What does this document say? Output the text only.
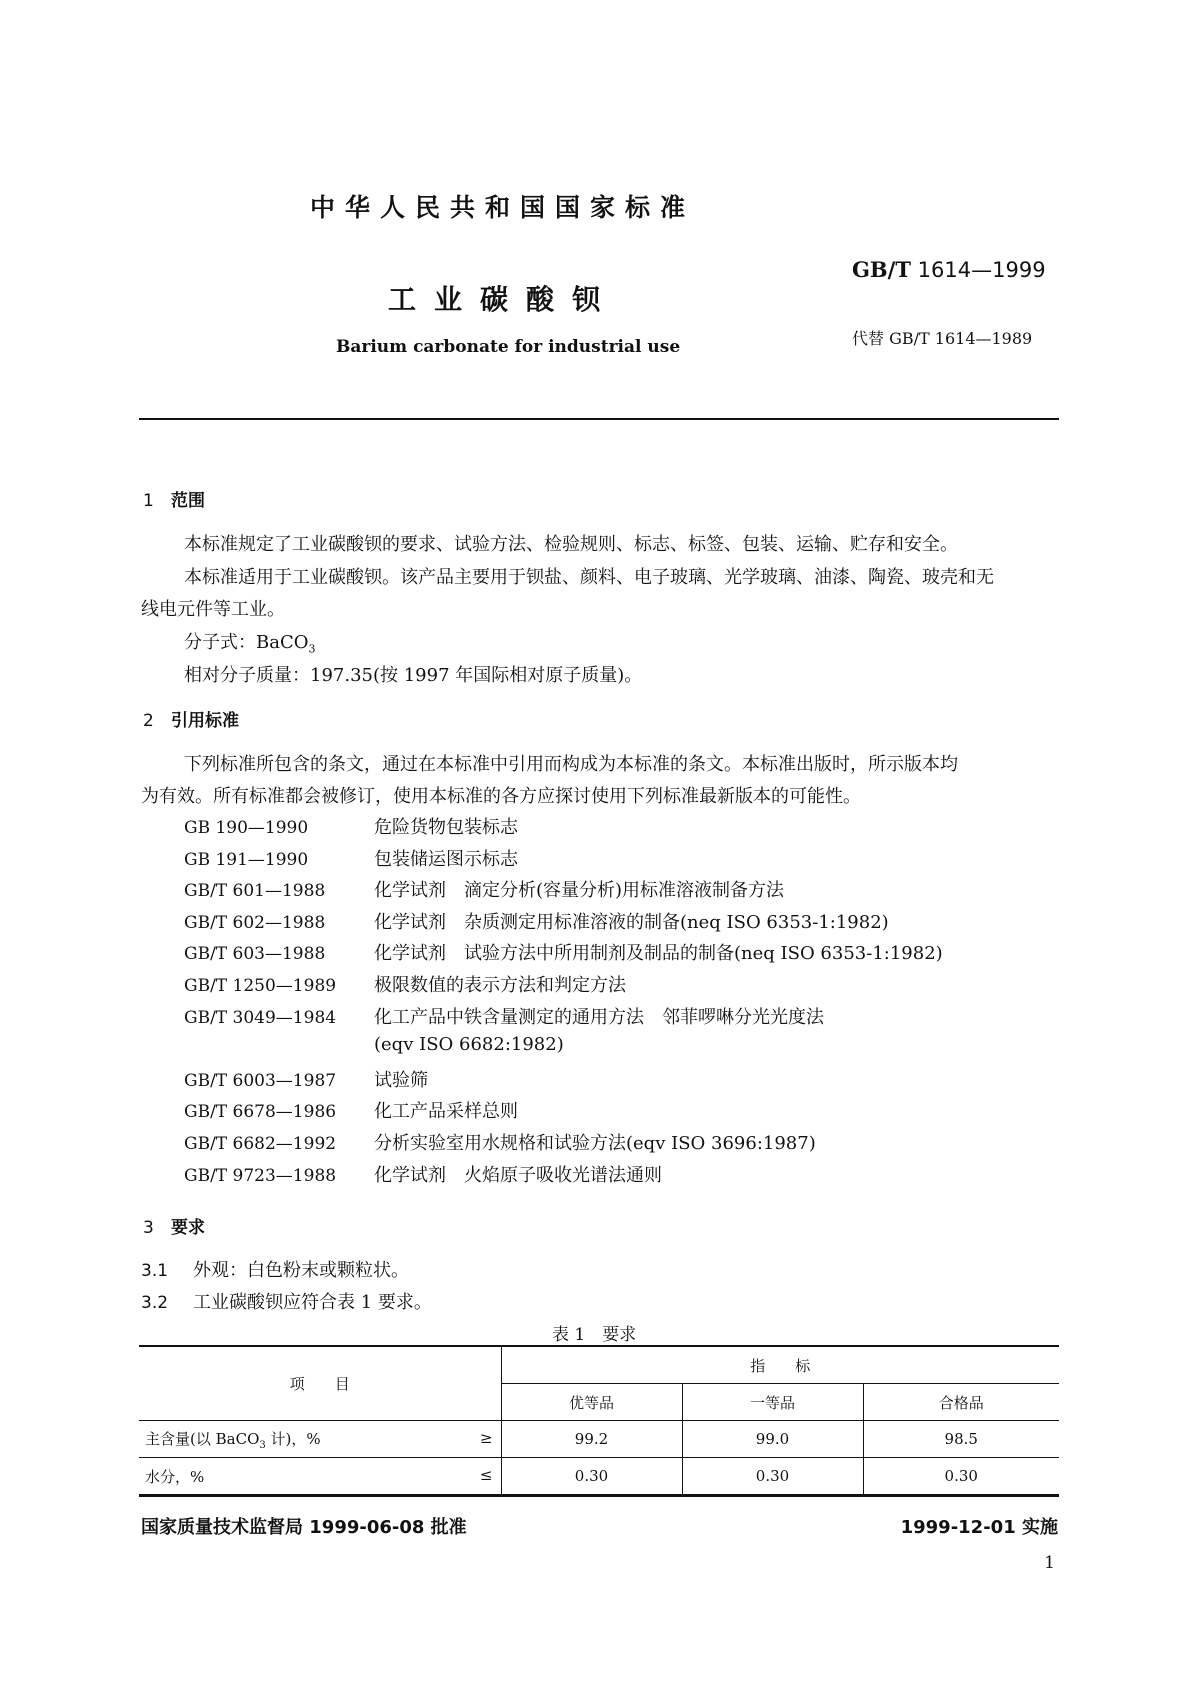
中华人民共和国国家标准
工业碳酸钡
Barium carbonate for industrial use
GB/T 1614—1999
代替 GB/T 1614—1989
1 范围
本标准规定了工业碳酸钡的要求、试验方法、检验规则、标志、标签、包装、运输、贮存和安全。
本标准适用于工业碳酸钡。该产品主要用于钡盐、颜料、电子玻璃、光学玻璃、油漆、陶瓷、玻壳和无
线电元件等工业。
分子式：BaCO$_3$
相对分子质量：197.35(按 1997 年国际相对原子质量)。
2 引用标准
下列标准所包含的条文，通过在本标准中引用而构成为本标准的条文。本标准出版时，所示版本均
为有效。所有标准都会被修订，使用本标准的各方应探讨使用下列标准最新版本的可能性。
GB 190—1990	危险货物包装标志
GB 191—1990	包装储运图示标志
GB/T 601—1988	化学试剂　滴定分析(容量分析)用标准溶液制备方法
GB/T 602—1988	化学试剂　杂质测定用标准溶液的制备(neq ISO 6353-1:1982)
GB/T 603—1988	化学试剂　试验方法中所用制剂及制品的制备(neq ISO 6353-1:1982)
GB/T 1250—1989 极限数值的表示方法和判定方法
GB/T 3049—1984 化工产品中铁含量测定的通用方法　邻菲啰啉分光光度法
(eqv ISO 6682:1982)
GB/T 6003—1987 试验筛
GB/T 6678—1986 化工产品采样总则
GB/T 6682—1992 分析实验室用水规格和试验方法(eqv ISO 3696:1987)
GB/T 9723—1988 化学试剂　火焰原子吸收光谱法通则
3 要求
3.1 外观：白色粉末或颗粒状。
3.2 工业碳酸钡应符合表 1 要求。
表 1　要求
项　　目	指　　标		
	优等品	一等品	合格品
主含量(以 BaCO$_3$ 计)，% ≥	99.2	99.0	98.5
水分，% ≤	0.30	0.30	0.30
国家质量技术监督局 1999-06-08 批准	1999-12-01 实施
1
